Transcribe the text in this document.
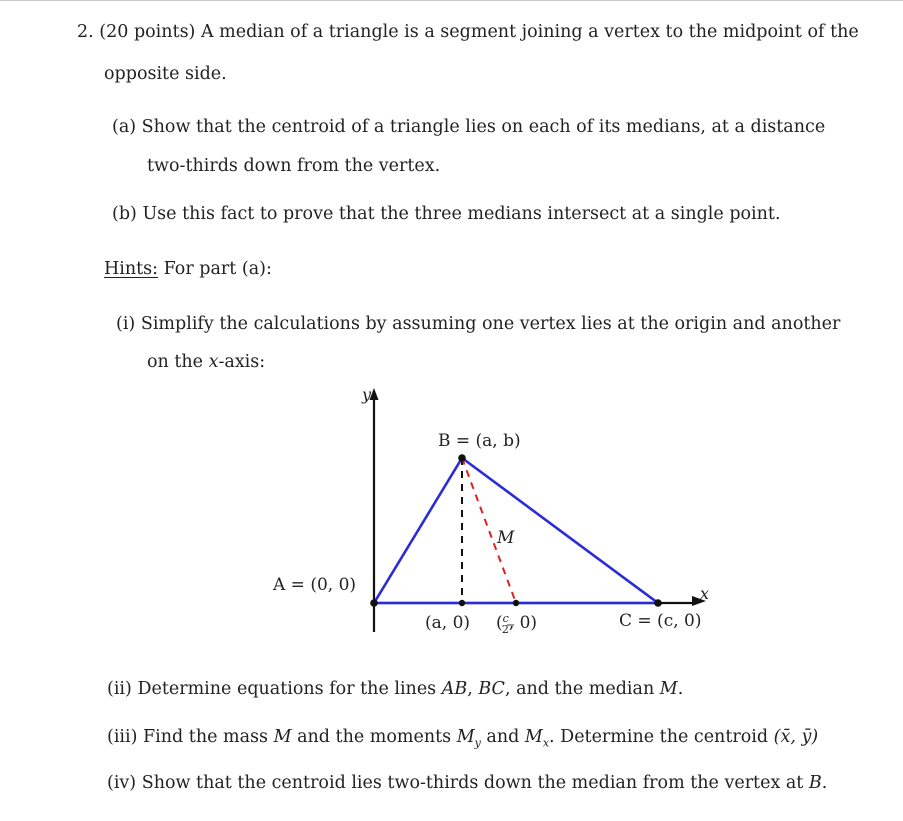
2. (20 points) A median of a triangle is a segment joining a vertex to the midpoint of the
opposite side.
(a) Show that the centroid of a triangle lies on each of its medians, at a distance
two-thirds down from the vertex.
(b) Use this fact to prove that the three medians intersect at a single point.
Hints: For part (a):
(i) Simplify the calculations by assuming one vertex lies at the origin and another
on the x-axis:
y
x
B = (a, b)
A = (0, 0)
M
(a, 0) ($^c$ 2, 0)	C = (c, 0)
(ii) Determine equations for the lines AB, BC, and the median M.
(iii) Find the mass M and the moments $M_y$ and $M_x$. Determine the centroid (x̄, ȳ)
(iv) Show that the centroid lies two-thirds down the median from the vertex at B.
